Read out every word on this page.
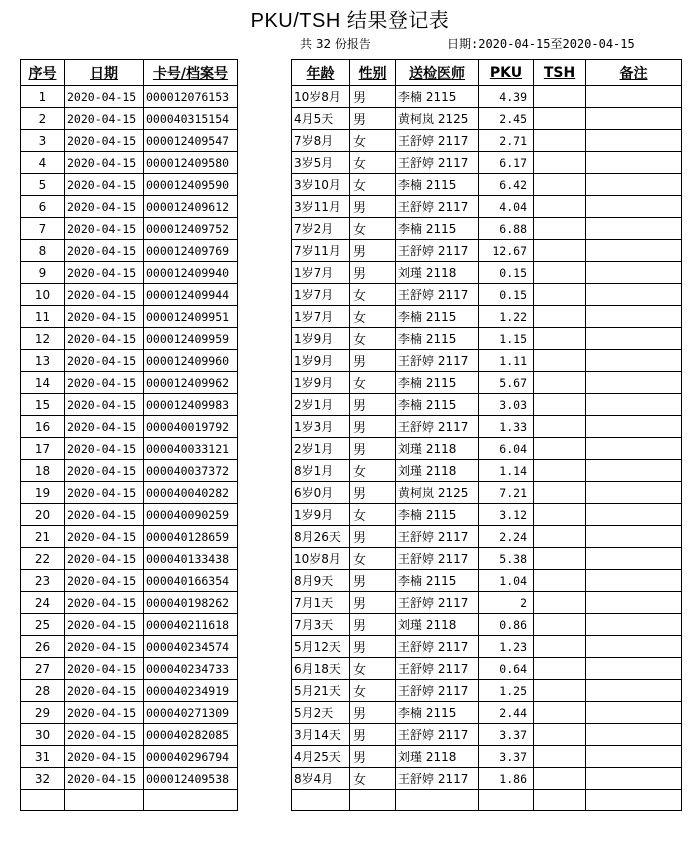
PKU/TSH 结果登记表
共 32 份报告	日期:2020-04-15至2020-04-15
序号	日期	卡号/档案号		年龄	性别	送检医师	PKU	TSH	备注
1	2020-04-15	000012076153		10岁8月	男	李楠 2115	4.39		
2	2020-04-15	000040315154		4月5天	男	黄柯岚 2125	2.45		
3	2020-04-15	000012409547		7岁8月	女	王舒婷 2117	2.71		
4	2020-04-15	000012409580		3岁5月	女	王舒婷 2117	6.17		
5	2020-04-15	000012409590		3岁10月	女	李楠 2115	6.42		
6	2020-04-15	000012409612		3岁11月	男	王舒婷 2117	4.04		
7	2020-04-15	000012409752		7岁2月	女	李楠 2115	6.88		
8	2020-04-15	000012409769		7岁11月	男	王舒婷 2117	12.67		
9	2020-04-15	000012409940		1岁7月	男	刘瑾 2118	0.15		
10	2020-04-15	000012409944		1岁7月	女	王舒婷 2117	0.15		
11	2020-04-15	000012409951		1岁7月	女	李楠 2115	1.22		
12	2020-04-15	000012409959		1岁9月	女	李楠 2115	1.15		
13	2020-04-15	000012409960		1岁9月	男	王舒婷 2117	1.11		
14	2020-04-15	000012409962		1岁9月	女	李楠 2115	5.67		
15	2020-04-15	000012409983		2岁1月	男	李楠 2115	3.03		
16	2020-04-15	000040019792		1岁3月	男	王舒婷 2117	1.33		
17	2020-04-15	000040033121		2岁1月	男	刘瑾 2118	6.04		
18	2020-04-15	000040037372		8岁1月	女	刘瑾 2118	1.14		
19	2020-04-15	000040040282		6岁0月	男	黄柯岚 2125	7.21		
20	2020-04-15	000040090259		1岁9月	女	李楠 2115	3.12		
21	2020-04-15	000040128659		8月26天	男	王舒婷 2117	2.24		
22	2020-04-15	000040133438		10岁8月	女	王舒婷 2117	5.38		
23	2020-04-15	000040166354		8月9天	男	李楠 2115	1.04		
24	2020-04-15	000040198262		7月1天	男	王舒婷 2117	2		
25	2020-04-15	000040211618		7月3天	男	刘瑾 2118	0.86		
26	2020-04-15	000040234574		5月12天	男	王舒婷 2117	1.23		
27	2020-04-15	000040234733		6月18天	女	王舒婷 2117	0.64		
28	2020-04-15	000040234919		5月21天	女	王舒婷 2117	1.25		
29	2020-04-15	000040271309		5月2天	男	李楠 2115	2.44		
30	2020-04-15	000040282085		3月14天	男	王舒婷 2117	3.37		
31	2020-04-15	000040296794		4月25天	男	刘瑾 2118	3.37		
32	2020-04-15	000012409538		8岁4月	女	王舒婷 2117	1.86		
